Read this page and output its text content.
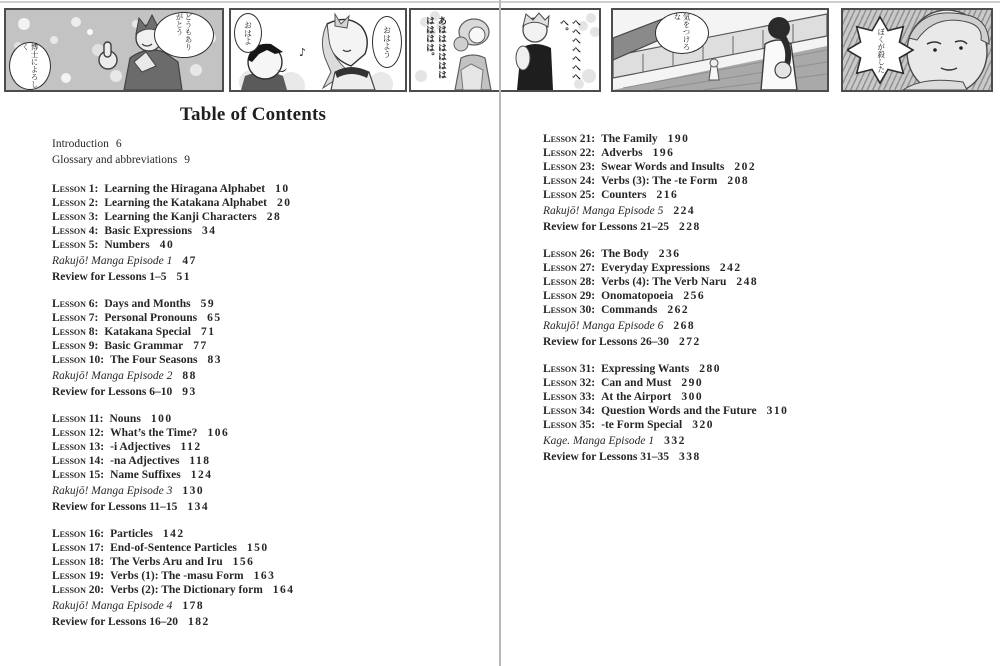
どうもありがとう
博士によろしく	♪
おはよ	おはよう	あはははははははははは。	へへへへへへへへ。	気をつけろな
ぼくが殺した
Table of Contents
Introduction 6
Glossary and abbreviations 9
Lesson 1: Learning the Hiragana Alphabet 10
Lesson 2: Learning the Katakana Alphabet 20
Lesson 3: Learning the Kanji Characters 28
Lesson 4: Basic Expressions 34
Lesson 5: Numbers 40
Rakujō! Manga Episode 1 47
Review for Lessons 1–5 51
Lesson 6: Days and Months 59
Lesson 7: Personal Pronouns 65
Lesson 8: Katakana Special 71
Lesson 9: Basic Grammar 77
Lesson 10: The Four Seasons 83
Rakujō! Manga Episode 2 88
Review for Lessons 6–10 93
Lesson 11: Nouns 100
Lesson 12: What’s the Time? 106
Lesson 13: -i Adjectives 112
Lesson 14: -na Adjectives 118
Lesson 15: Name Suffixes 124
Rakujō! Manga Episode 3 130
Review for Lessons 11–15 134
Lesson 16: Particles 142
Lesson 17: End-of-Sentence Particles 150
Lesson 18: The Verbs Aru and Iru 156
Lesson 19: Verbs (1): The -masu Form 163
Lesson 20: Verbs (2): The Dictionary form 164
Rakujō! Manga Episode 4 178
Review for Lessons 16–20 182
Lesson 21: The Family 190
Lesson 22: Adverbs 196
Lesson 23: Swear Words and Insults 202
Lesson 24: Verbs (3): The -te Form 208
Lesson 25: Counters 216
Rakujō! Manga Episode 5 224
Review for Lessons 21–25 228
Lesson 26: The Body 236
Lesson 27: Everyday Expressions 242
Lesson 28: Verbs (4): The Verb Naru 248
Lesson 29: Onomatopoeia 256
Lesson 30: Commands 262
Rakujō! Manga Episode 6 268
Review for Lessons 26–30 272
Lesson 31: Expressing Wants 280
Lesson 32: Can and Must 290
Lesson 33: At the Airport 300
Lesson 34: Question Words and the Future 310
Lesson 35: -te Form Special 320
Kage. Manga Episode 1 332
Review for Lessons 31–35 338
